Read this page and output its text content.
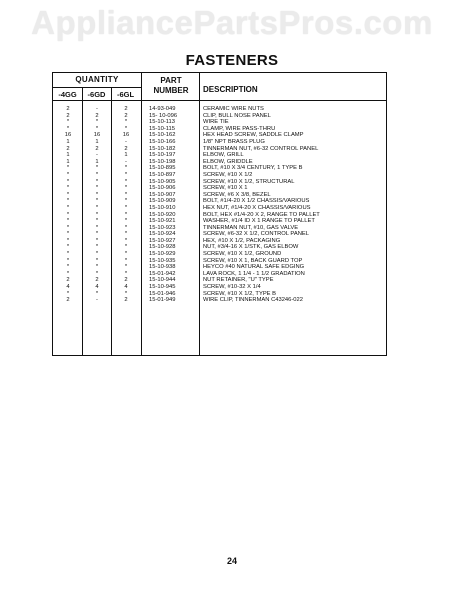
AppliancePartsPros.com
FASTENERS
QUANTITY
-4GG	-6GD	-6GL
PART
NUMBER	DESCRIPTION
2	-	2	14-93-049	CERAMIC WIRE NUTS
2	2	2	15- 10-096	CLIP, BULL NOSE PANEL
*	*	*	15-10-113	WIRE TIE
*	*	*	15-10-115	CLAMP, WIRE PASS-THRU
16	16	16	15-10-162	HEX HEAD SCREW, SADDLE CLAMP
1	1	-	15-10-166	1/8" NPT BRASS PLUG
2	2	2	15-10-182	TINNERMAN NUT, #6-32 CONTROL PANEL
1	-	1	15-10-197	ELBOW, GRILL
1	1	-	15-10-198	ELBOW, GRIDDLE
*	*	*	15-10-895	BOLT, #10 X 3/4 CENTURY, 1 TYPE B
*	*	*	15-10-897	SCREW, #10 X 1/2
*	*	*	15-10-905	SCREW, #10 X 1/2, STRUCTURAL
*	*	*	15-10-906	SCREW, #10 X 1
*	*	*	15-10-907	SCREW, #6 X 3/8, BEZEL
*	*	*	15-10-909	BOLT, #1/4-20 X 1/2 CHASSIS/VARIOUS
*	*	*	15-10-910	HEX NUT, #1/4-20 X CHASSIS/VARIOUS
*	*	*	15-10-920	BOLT, HEX #1/4-20 X 2, RANGE TO PALLET
*	*	*	15-10-921	WASHER, #1/4 ID X 1 RANGE TO PALLET
*	*	*	15-10-923	TINNERMAN NUT, #10, GAS VALVE
*	*	*	15-10-924	SCREW, #6-32 X 1/2, CONTROL PANEL
*	*	*	15-10-927	HEX, #10 X 1/2, PACKAGING
*	*	*	15-10-928	NUT, #3/4-16 X 1/STK, GAS ELBOW
*	*	*	15-10-929	SCREW, #10 X 1/2, GROUND
*	*	*	15-10-935	SCREW, #10 X 1, BACK GUARD TOP
*	*	*	15-10-938	HEYCO #40 NATURAL SAFE EDGING
*	*	*	15-01-942	LAVA ROCK, 1 1/4 - 1 1/2 GRADATION
2	2	2	15-10-944	NUT RETAINER, "U" TYPE
4	4	4	15-10-945	SCREW, #10-32 X 1/4
*	*	*	15-01-946	SCREW, #10 X 1/2, TYPE B
2	-	2	15-01-949	WIRE CLIP, TINNERMAN C43246-022
24
